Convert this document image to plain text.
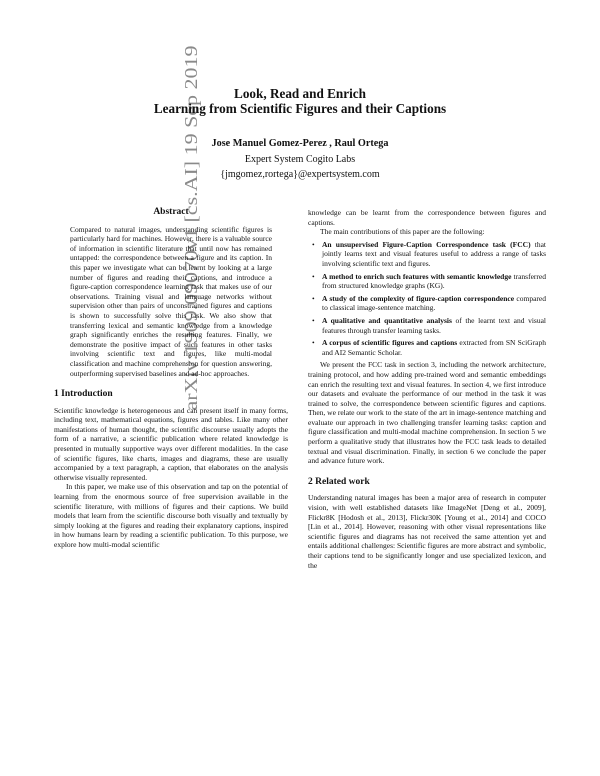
arXiv:1909.09070v1 [cs.AI] 19 Sep 2019
Look, Read and Enrich
Learning from Scientific Figures and their Captions
Jose Manuel Gomez-Perez , Raul Ortega
Expert System Cogito Labs
{jmgomez,rortega}@expertsystem.com

Abstract

Compared to natural images, understanding scientific figures is particularly hard for machines. However, there is a valuable source of information in scientific literature that until now has remained untapped: the correspondence between a figure and its caption. In this paper we investigate what can be learnt by looking at a large number of figures and reading their captions, and introduce a figure-caption correspondence learning task that makes use of our observations. Training visual and language networks without supervision other than pairs of unconstrained figures and captions is shown to successfully solve this task. We also show that transferring lexical and semantic knowledge from a knowledge graph significantly enriches the resulting features. Finally, we demonstrate the positive impact of such features in other tasks involving scientific text and figures, like multi-modal classification and machine comprehension for question answering, outperforming supervised baselines and ad-hoc approaches.

1 Introduction

Scientific knowledge is heterogeneous and can present itself in many forms, including text, mathematical equations, figures and tables. Like many other manifestations of human thought, the scientific discourse usually adopts the form of a narrative, a scientific publication where related knowledge is presented in mutually supportive ways over different modalities. In the case of scientific figures, like charts, images and diagrams, these are usually accompanied by a text paragraph, a caption, that elaborates on the analysis otherwise visually represented.

In this paper, we make use of this observation and tap on the potential of learning from the enormous source of free supervision available in the scientific literature, with millions of figures and their captions. We build models that learn from the scientific discourse both visually and textually by simply looking at the figures and reading their explanatory captions, inspired in how humans learn by reading a scientific publication. To this purpose, we explore how multi-modal scientific

knowledge can be learnt from the correspondence between figures and captions.

The main contributions of this paper are the following:

• An unsupervised Figure-Caption Correspondence task (FCC) that jointly learns text and visual features useful to address a range of tasks involving scientific text and figures.
• A method to enrich such features with semantic knowledge transferred from structured knowledge graphs (KG).
• A study of the complexity of figure-caption correspondence compared to classical image-sentence matching.
• A qualitative and quantitative analysis of the learnt text and visual features through transfer learning tasks.
• A corpus of scientific figures and captions extracted from SN SciGraph and AI2 Semantic Scholar.

We present the FCC task in section 3, including the network architecture, training protocol, and how adding pre-trained word and semantic embeddings can enrich the resulting text and visual features. In section 4, we first introduce our datasets and evaluate the performance of our method in the task it was trained to solve, the correspondence between scientific figures and captions. Then, we relate our work to the state of the art in image-sentence matching and evaluate our approach in two challenging transfer learning tasks: caption and figure classification and multi-modal machine comprehension. In section 5 we perform a qualitative study that illustrates how the FCC task leads to detailed textual and visual discrimination. Finally, in section 6 we conclude the paper and advance future work.

2 Related work

Understanding natural images has been a major area of research in computer vision, with well established datasets like ImageNet [Deng et al., 2009], Flickr8K [Hodosh et al., 2013], Flickr30K [Young et al., 2014] and COCO [Lin et al., 2014]. However, reasoning with other visual representations like scientific figures and diagrams has not received the same attention yet and entails additional challenges: Scientific figures are more abstract and symbolic, their captions tend to be significantly longer and use specialized lexicon, and the
